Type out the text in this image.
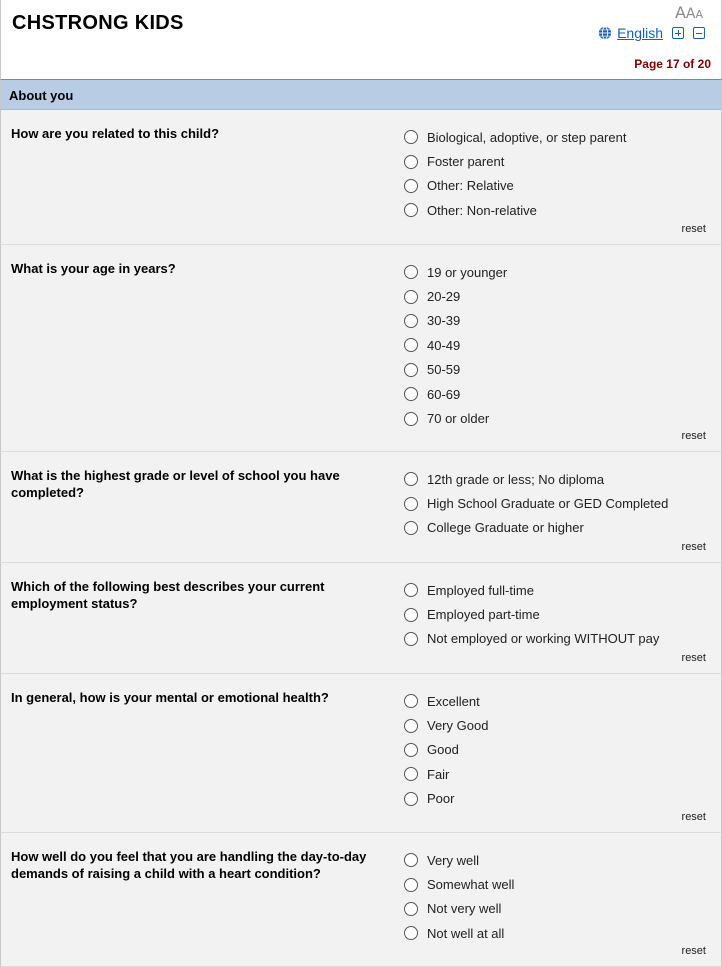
CHSTRONG KIDS	AAA
English
Page 17 of 20
About you
How are you related to this child?	Biological, adoptive, or step parent
Foster parent
Other: Relative
Other: Non-relative
reset
What is your age in years?	19 or younger
20-29
30-39
40-49
50-59
60-69
70 or older
reset
What is the highest grade or level of school you have completed?
12th grade or less; No diploma
High School Graduate or GED Completed
College Graduate or higher
reset
Which of the following best describes your current employment status?
Employed full-time
Employed part-time
Not employed or working WITHOUT pay
reset
In general, how is your mental or emotional health?	Excellent
Very Good
Good
Fair
Poor
reset
How well do you feel that you are handling the day-to-day demands of raising a child with a heart condition?
Very well
Somewhat well
Not very well
Not well at all
reset
